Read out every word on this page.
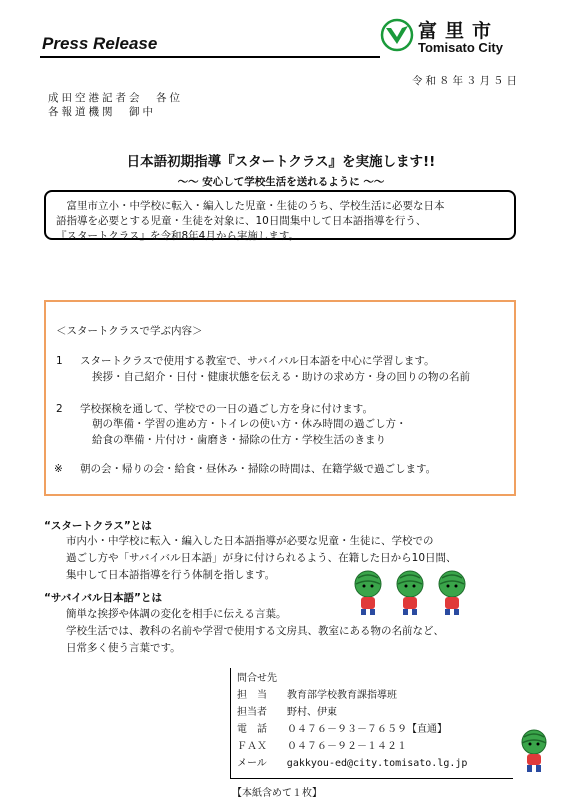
Press Release
富里市
Tomisato City
令和８年３月５日
成田空港記者会　各位
各報道機関　御中
日本語初期指導『スタートクラス』を実施します!!
～～ 安心して学校生活を送れるように ～～

　富里市立小・中学校に転入・編入した児童・生徒のうち、学校生活に必要な日本

語指導を必要とする児童・生徒を対象に、10日間集中して日本語指導を行う、

『スタートクラス』を令和8年4月から実施します。

＜スタートクラスで学ぶ内容＞
1 スタートクラスで使用する教室で、サバイバル日本語を中心に学習します。
挨拶・自己紹介・日付・健康状態を伝える・助けの求め方・身の回りの物の名前
2 学校探検を通して、学校での一日の過ごし方を身に付けます。
朝の準備・学習の進め方・トイレの使い方・休み時間の過ごし方・
給食の準備・片付け・歯磨き・掃除の仕方・学校生活のきまり
※ 朝の会・帰りの会・給食・昼休み・掃除の時間は、在籍学級で過ごします。
“スタートクラス”とは
市内小・中学校に転入・編入した日本語指導が必要な児童・生徒に、学校での
過ごし方や「サバイバル日本語」が身に付けられるよう、在籍した日から10日間、
集中して日本語指導を行う体制を指します。
“サバイバル日本語”とは
簡単な挨拶や体調の変化を相手に伝える言葉。
学校生活では、教科の名前や学習で使用する文房具、教室にある物の名前など、
日常多く使う言葉です。
問合せ先
担　当　　教育部学校教育課指導班
担当者　　野村、伊東
電　話　　０４７６－９３－７６５９【直通】
ＦＡＸ　　０４７６－９２－１４２１
メール　　gakkyou-ed@city.tomisato.lg.jp
【本紙含めて１枚】
